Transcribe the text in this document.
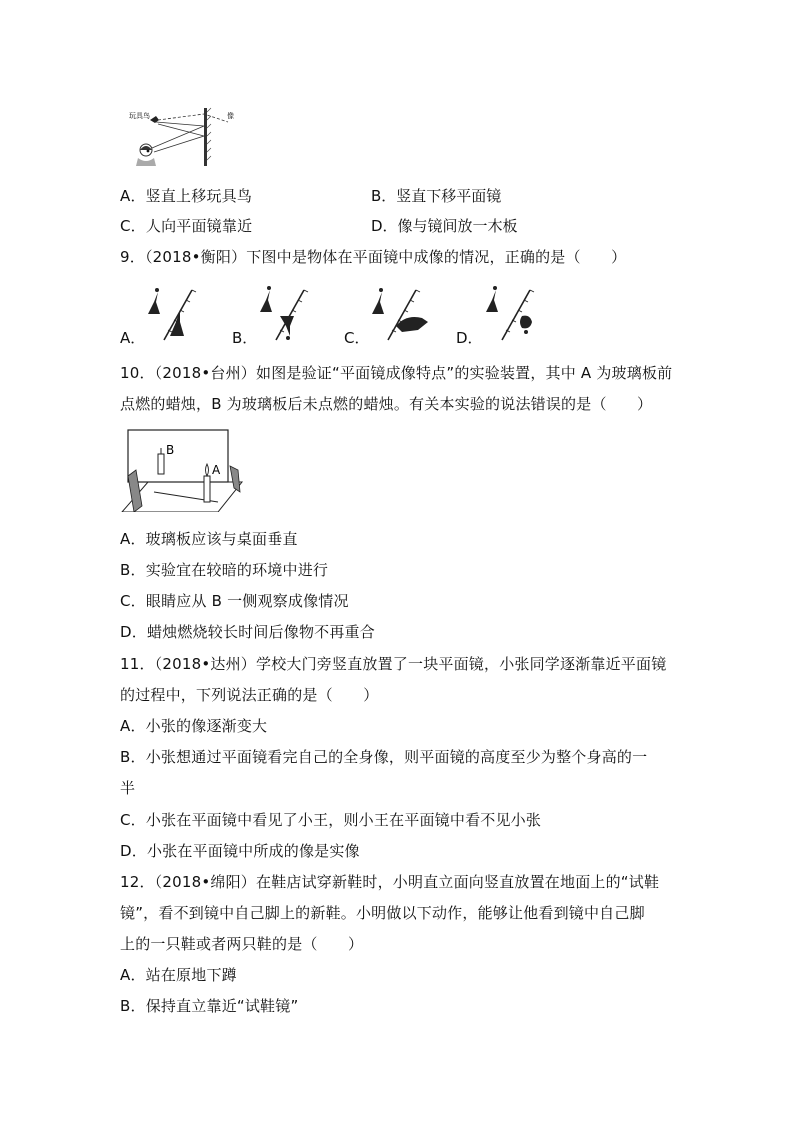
玩具鸟	像
A．竖直上移玩具鸟	B．竖直下移平面镜
C．人向平面镜靠近	D．像与镜间放一木板
9．（2018•衡阳）下图中是物体在平面镜中成像的情况，正确的是（　　）
A．	B．	C．	D．
10．（2018•台州）如图是验证“平面镜成像特点”的实验装置，其中 A 为玻璃板前
点燃的蜡烛，B 为玻璃板后未点燃的蜡烛。有关本实验的说法错误的是（　　）
B
A
A．玻璃板应该与桌面垂直
B．实验宜在较暗的环境中进行
C．眼睛应从 B 一侧观察成像情况
D．蜡烛燃烧较长时间后像物不再重合
11．（2018•达州）学校大门旁竖直放置了一块平面镜，小张同学逐渐靠近平面镜
的过程中，下列说法正确的是（　　）
A．小张的像逐渐变大
B．小张想通过平面镜看完自己的全身像，则平面镜的高度至少为整个身高的一
半
C．小张在平面镜中看见了小王，则小王在平面镜中看不见小张
D．小张在平面镜中所成的像是实像
12．（2018•绵阳）在鞋店试穿新鞋时，小明直立面向竖直放置在地面上的“试鞋
镜”，看不到镜中自己脚上的新鞋。小明做以下动作，能够让他看到镜中自己脚
上的一只鞋或者两只鞋的是（　　）
A．站在原地下蹲
B．保持直立靠近“试鞋镜”
